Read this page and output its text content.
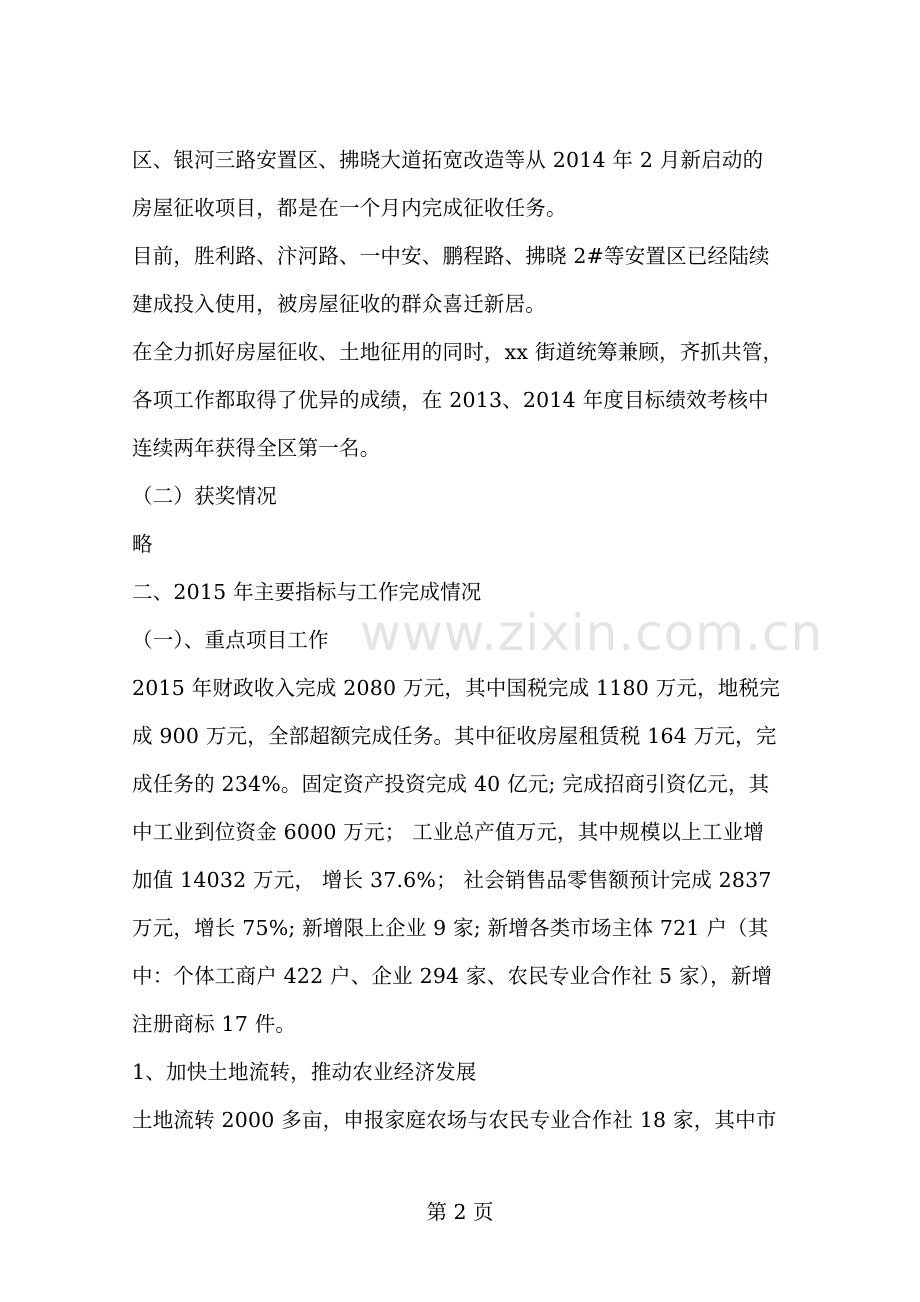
区、银河三路安置区、拂晓大道拓宽改造等从 2014 年 2 月新启动的
房屋征收项目，都是在一个月内完成征收任务。
目前，胜利路、汴河路、一中安、鹏程路、拂晓 2#等安置区已经陆续
建成投入使用，被房屋征收的群众喜迁新居。
在全力抓好房屋征收、土地征用的同时，xx 街道统筹兼顾，齐抓共管，
各项工作都取得了优异的成绩，在 2013、2014 年度目标绩效考核中
连续两年获得全区第一名。
（二）获奖情况
略
二、2015 年主要指标与工作完成情况
（一）、重点项目工作
2015 年财政收入完成 2080 万元，其中国税完成 1180 万元，地税完
成 900 万元，全部超额完成任务。其中征收房屋租赁税 164 万元，完
成任务的 234%。固定资产投资完成 40 亿元; 完成招商引资亿元，其
中工业到位资金 6000 万元； 工业总产值万元，其中规模以上工业增
加值 14032 万元， 增长 37.6%； 社会销售品零售额预计完成 2837
万元，增长 75%; 新增限上企业 9 家; 新增各类市场主体 721 户（其
中：个体工商户 422 户、企业 294 家、农民专业合作社 5 家），新增
注册商标 17 件。
1、加快土地流转，推动农业经济发展
土地流转 2000 多亩，申报家庭农场与农民专业合作社 18 家，其中市
www.zixin.com.cn
第 2 页
